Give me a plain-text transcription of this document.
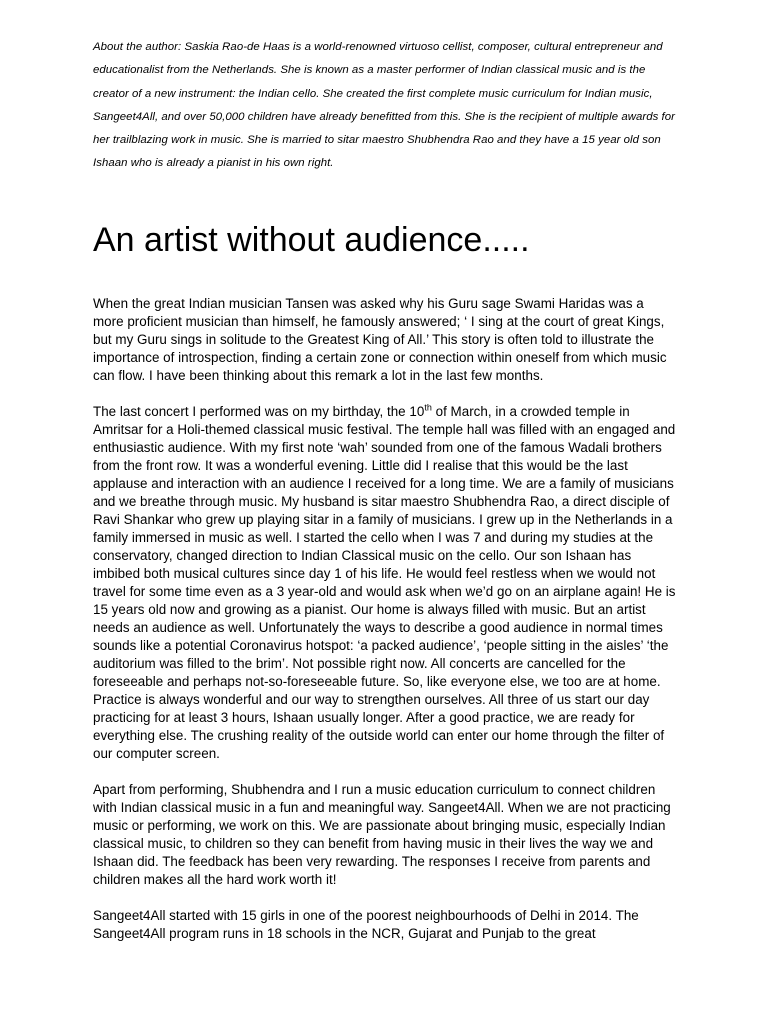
About the author: Saskia Rao-de Haas is a world-renowned virtuoso cellist, composer, cultural entrepreneur and educationalist from the Netherlands. She is known as a master performer of Indian classical music and is the creator of a new instrument: the Indian cello. She created the first complete music curriculum for Indian music, Sangeet4All, and over 50,000 children have already benefitted from this. She is the recipient of multiple awards for her trailblazing work in music. She is married to sitar maestro Shubhendra Rao and they have a 15 year old son Ishaan who is already a pianist in his own right.

An artist without audience.....

When the great Indian musician Tansen was asked why his Guru sage Swami Haridas was a more proficient musician than himself, he famously answered; ‘ I sing at the court of great Kings, but my Guru sings in solitude to the Greatest King of All.’ This story is often told to illustrate the importance of introspection, finding a certain zone or connection within oneself from which music can flow. I have been thinking about this remark a lot in the last few months.

The last concert I performed was on my birthday, the 10th of March, in a crowded temple in Amritsar for a Holi-themed classical music festival. The temple hall was filled with an engaged and enthusiastic audience. With my first note ‘wah’ sounded from one of the famous Wadali brothers from the front row. It was a wonderful evening. Little did I realise that this would be the last applause and interaction with an audience I received for a long time. We are a family of musicians and we breathe through music. My husband is sitar maestro Shubhendra Rao, a direct disciple of Ravi Shankar who grew up playing sitar in a family of musicians. I grew up in the Netherlands in a family immersed in music as well. I started the cello when I was 7 and during my studies at the conservatory, changed direction to Indian Classical music on the cello. Our son Ishaan has imbibed both musical cultures since day 1 of his life. He would feel restless when we would not travel for some time even as a 3 year-old and would ask when we’d go on an airplane again! He is 15 years old now and growing as a pianist. Our home is always filled with music. But an artist needs an audience as well. Unfortunately the ways to describe a good audience in normal times sounds like a potential Coronavirus hotspot: ‘a packed audience’, ‘people sitting in the aisles’ ‘the auditorium was filled to the brim’. Not possible right now. All concerts are cancelled for the foreseeable and perhaps not-so-foreseeable future. So, like everyone else, we too are at home. Practice is always wonderful and our way to strengthen ourselves. All three of us start our day practicing for at least 3 hours, Ishaan usually longer. After a good practice, we are ready for everything else. The crushing reality of the outside world can enter our home through the filter of our computer screen.

Apart from performing, Shubhendra and I run a music education curriculum to connect children with Indian classical music in a fun and meaningful way. Sangeet4All. When we are not practicing music or performing, we work on this. We are passionate about bringing music, especially Indian classical music, to children so they can benefit from having music in their lives the way we and Ishaan did. The feedback has been very rewarding. The responses I receive from parents and children makes all the hard work worth it!

Sangeet4All started with 15 girls in one of the poorest neighbourhoods of Delhi in 2014. The Sangeet4All program runs in 18 schools in the NCR, Gujarat and Punjab to the great
